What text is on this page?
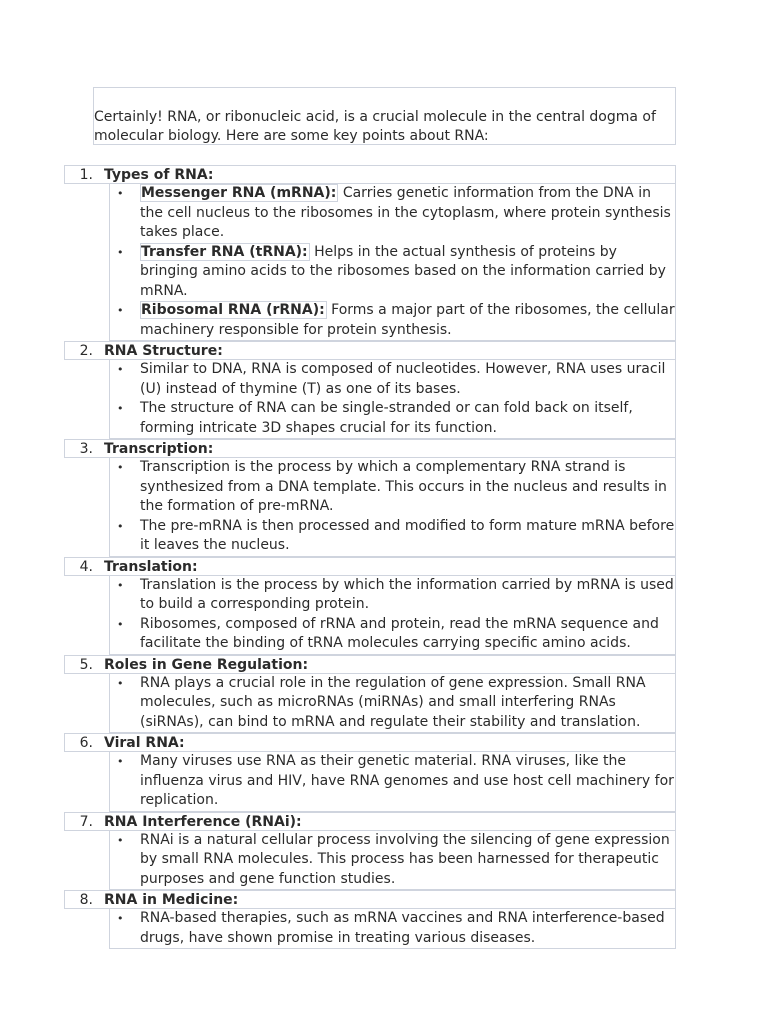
Certainly! RNA, or ribonucleic acid, is a crucial molecule in the central dogma of molecular biology. Here are some key points about RNA:
1. Types of RNA:
• Messenger RNA (mRNA): Carries genetic information from the DNA in the cell nucleus to the ribosomes in the cytoplasm, where protein synthesis takes place.
• Transfer RNA (tRNA): Helps in the actual synthesis of proteins by bringing amino acids to the ribosomes based on the information carried by mRNA.
• Ribosomal RNA (rRNA): Forms a major part of the ribosomes, the cellular machinery responsible for protein synthesis.
2. RNA Structure:
• Similar to DNA, RNA is composed of nucleotides. However, RNA uses uracil (U) instead of thymine (T) as one of its bases.
• The structure of RNA can be single-stranded or can fold back on itself, forming intricate 3D shapes crucial for its function.
3. Transcription:
• Transcription is the process by which a complementary RNA strand is synthesized from a DNA template. This occurs in the nucleus and results in the formation of pre-mRNA.
• The pre-mRNA is then processed and modified to form mature mRNA before it leaves the nucleus.
4. Translation:
• Translation is the process by which the information carried by mRNA is used to build a corresponding protein.
• Ribosomes, composed of rRNA and protein, read the mRNA sequence and facilitate the binding of tRNA molecules carrying specific amino acids.
5. Roles in Gene Regulation:
• RNA plays a crucial role in the regulation of gene expression. Small RNA molecules, such as microRNAs (miRNAs) and small interfering RNAs (siRNAs), can bind to mRNA and regulate their stability and translation.
6. Viral RNA:
• Many viruses use RNA as their genetic material. RNA viruses, like the influenza virus and HIV, have RNA genomes and use host cell machinery for replication.
7. RNA Interference (RNAi):
• RNAi is a natural cellular process involving the silencing of gene expression by small RNA molecules. This process has been harnessed for therapeutic purposes and gene function studies.
8. RNA in Medicine:
• RNA-based therapies, such as mRNA vaccines and RNA interference-based drugs, have shown promise in treating various diseases.
